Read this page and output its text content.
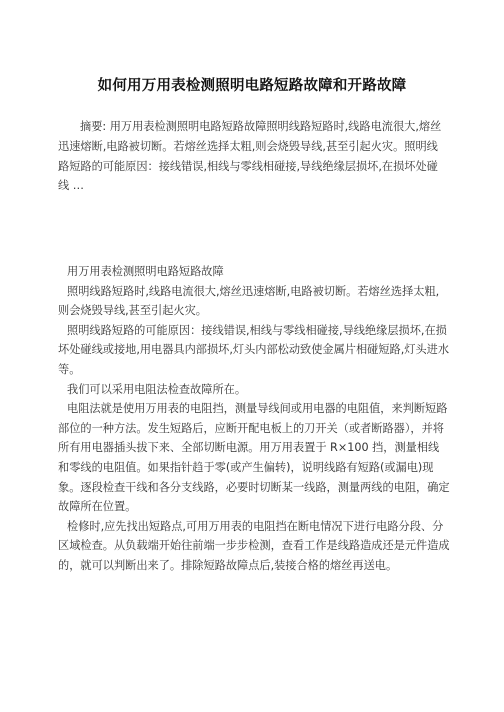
如何用万用表检测照明电路短路故障和开路故障
摘要: 用万用表检测照明电路短路故障照明线路短路时,线路电流很大,熔丝迅速熔断,电路被切断。若熔丝选择太粗,则会烧毁导线,甚至引起火灾。照明线路短路的可能原因：接线错误,相线与零线相碰接,导线绝缘层损坏,在损坏处碰线 …

用万用表检测照明电路短路故障

照明线路短路时,线路电流很大,熔丝迅速熔断,电路被切断。若熔丝选择太粗,则会烧毁导线,甚至引起火灾。

照明线路短路的可能原因：接线错误,相线与零线相碰接,导线绝缘层损坏,在损坏处碰线或接地,用电器具内部损坏,灯头内部松动致使金属片相碰短路,灯头进水等。

我们可以采用电阻法检查故障所在。

电阻法就是使用万用表的电阻挡，测量导线间或用电器的电阻值，来判断短路部位的一种方法。发生短路后，应断开配电板上的刀开关（或者断路器），并将所有用电器插头拔下来、全部切断电源。用万用表置于 R×100 挡，测量相线和零线的电阻值。如果指针趋于零(或产生偏转)，说明线路有短路(或漏电)现象。逐段检查干线和各分支线路，必要时切断某一线路，测量两线的电阻，确定故障所在位置。

检修时,应先找出短路点,可用万用表的电阻挡在断电情况下进行电路分段、分区域检查。从负载端开始往前端一步步检测，查看工作是线路造成还是元件造成的，就可以判断出来了。排除短路故障点后,装接合格的熔丝再送电。
